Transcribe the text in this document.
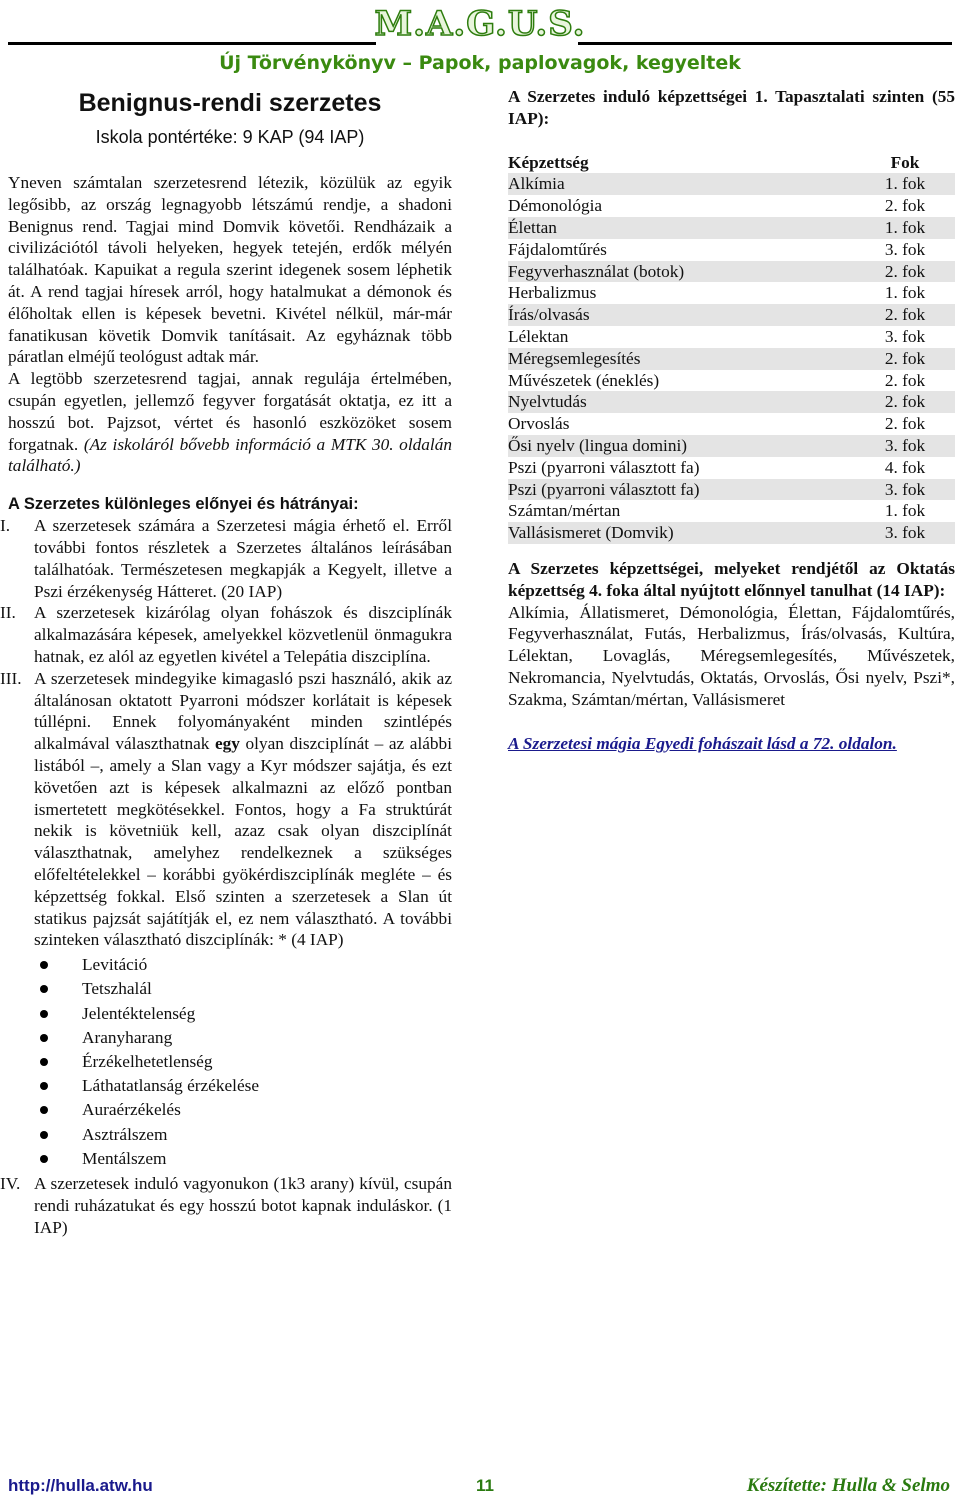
M.A.G.U.S.
Új Törvénykönyv – Papok, paplovagok, kegyeltek
Benignus-rendi szerzetes
Iskola pontértéke: 9 KAP (94 IAP)

Yneven számtalan szerzetesrend létezik, közülük az egyik legősibb, az ország legnagyobb létszámú rendje, a shadoni Benignus rend. Tagjai mind Domvik követői. Rendházaik a civilizációtól távoli helyeken, hegyek tetején, erdők mélyén találhatóak. Kapuikat a regula szerint idegenek sosem léphetik át. A rend tagjai híresek arról, hogy hatalmukat a démonok és élőholtak ellen is képesek bevetni. Kivétel nélkül, már-már fanatikusan követik Domvik tanításait. Az egyháznak több páratlan elméjű teológust adtak már.

A legtöbb szerzetesrend tagjai, annak regulája értelmében, csupán egyetlen, jellemző fegyver forgatását oktatja, ez itt a hosszú bot. Pajzsot, vértet és hasonló eszközöket sosem forgatnak. (Az iskoláról bővebb információ a MTK 30. oldalán található.)

A Szerzetes különleges előnyei és hátrányai:
I. A szerzetesek számára a Szerzetesi mágia érhető el. Erről további fontos részletek a Szerzetes általános leírásában találhatóak. Természetesen megkapják a Kegyelt, illetve a Pszi érzékenység Hátteret. (20 IAP)
II. A szerzetesek kizárólag olyan fohászok és diszciplínák alkalmazására képesek, amelyekkel közvetlenül önmagukra hatnak, ez alól az egyetlen kivétel a Telepátia diszciplína.
III. A szerzetesek mindegyike kimagasló pszi használó, akik az általánosan oktatott Pyarroni módszer korlátait is képesek túllépni. Ennek folyományaként minden szintlépés alkalmával választhatnak egy olyan diszciplínát – az alábbi listából –, amely a Slan vagy a Kyr módszer sajátja, és ezt követően azt is képesek alkalmazni az előző pontban ismertetett megkötésekkel. Fontos, hogy a Fa struktúrát nekik is követniük kell, azaz csak olyan diszciplínát választhatnak, amelyhez rendelkeznek a szükséges előfeltételekkel – korábbi gyökérdiszciplínák megléte – és képzettség fokkal. Első szinten a szerzetesek a Slan út statikus pajzsát sajátítják el, ez nem választható. A további szinteken választható diszciplínák: * (4 IAP)
Levitáció
Tetszhalál
Jelentéktelenség
Aranyharang
Érzékelhetetlenség
Láthatatlanság érzékelése
Auraérzékelés
Asztrálszem
Mentálszem
IV. A szerzetesek induló vagyonukon (1k3 arany) kívül, csupán rendi ruházatukat és egy hosszú botot kapnak induláskor. (1 IAP)

A Szerzetes induló képzettségei 1. Tapasztalati szinten (55 IAP):

Képzettség	Fok
Alkímia	1. fok
Démonológia	2. fok
Élettan	1. fok
Fájdalomtűrés	3. fok
Fegyverhasználat (botok)	2. fok
Herbalizmus	1. fok
Írás/olvasás	2. fok
Lélektan	3. fok
Méregsemlegesítés	2. fok
Művészetek (éneklés)	2. fok
Nyelvtudás	2. fok
Orvoslás	2. fok
Ősi nyelv (lingua domini)	3. fok
Pszi (pyarroni választott fa)	4. fok
Pszi (pyarroni választott fa)	3. fok
Számtan/mértan	1. fok
Vallásismeret (Domvik)	3. fok

A Szerzetes képzettségei, melyeket rendjétől az Oktatás képzettség 4. foka által nyújtott előnnyel tanulhat (14 IAP):

Alkímia, Állatismeret, Démonológia, Élettan, Fájdalomtűrés, Fegyverhasználat, Futás, Herbalizmus, Írás/olvasás, Kultúra, Lélektan, Lovaglás, Méregsemlegesítés, Művészetek, Nekromancia, Nyelvtudás, Oktatás, Orvoslás, Ősi nyelv, Pszi*, Szakma, Számtan/mértan, Vallásismeret

A Szerzetesi mágia Egyedi fohászait lásd a 72. oldalon.

http://hulla.atw.hu	11	Készítette: Hulla & Selmo
